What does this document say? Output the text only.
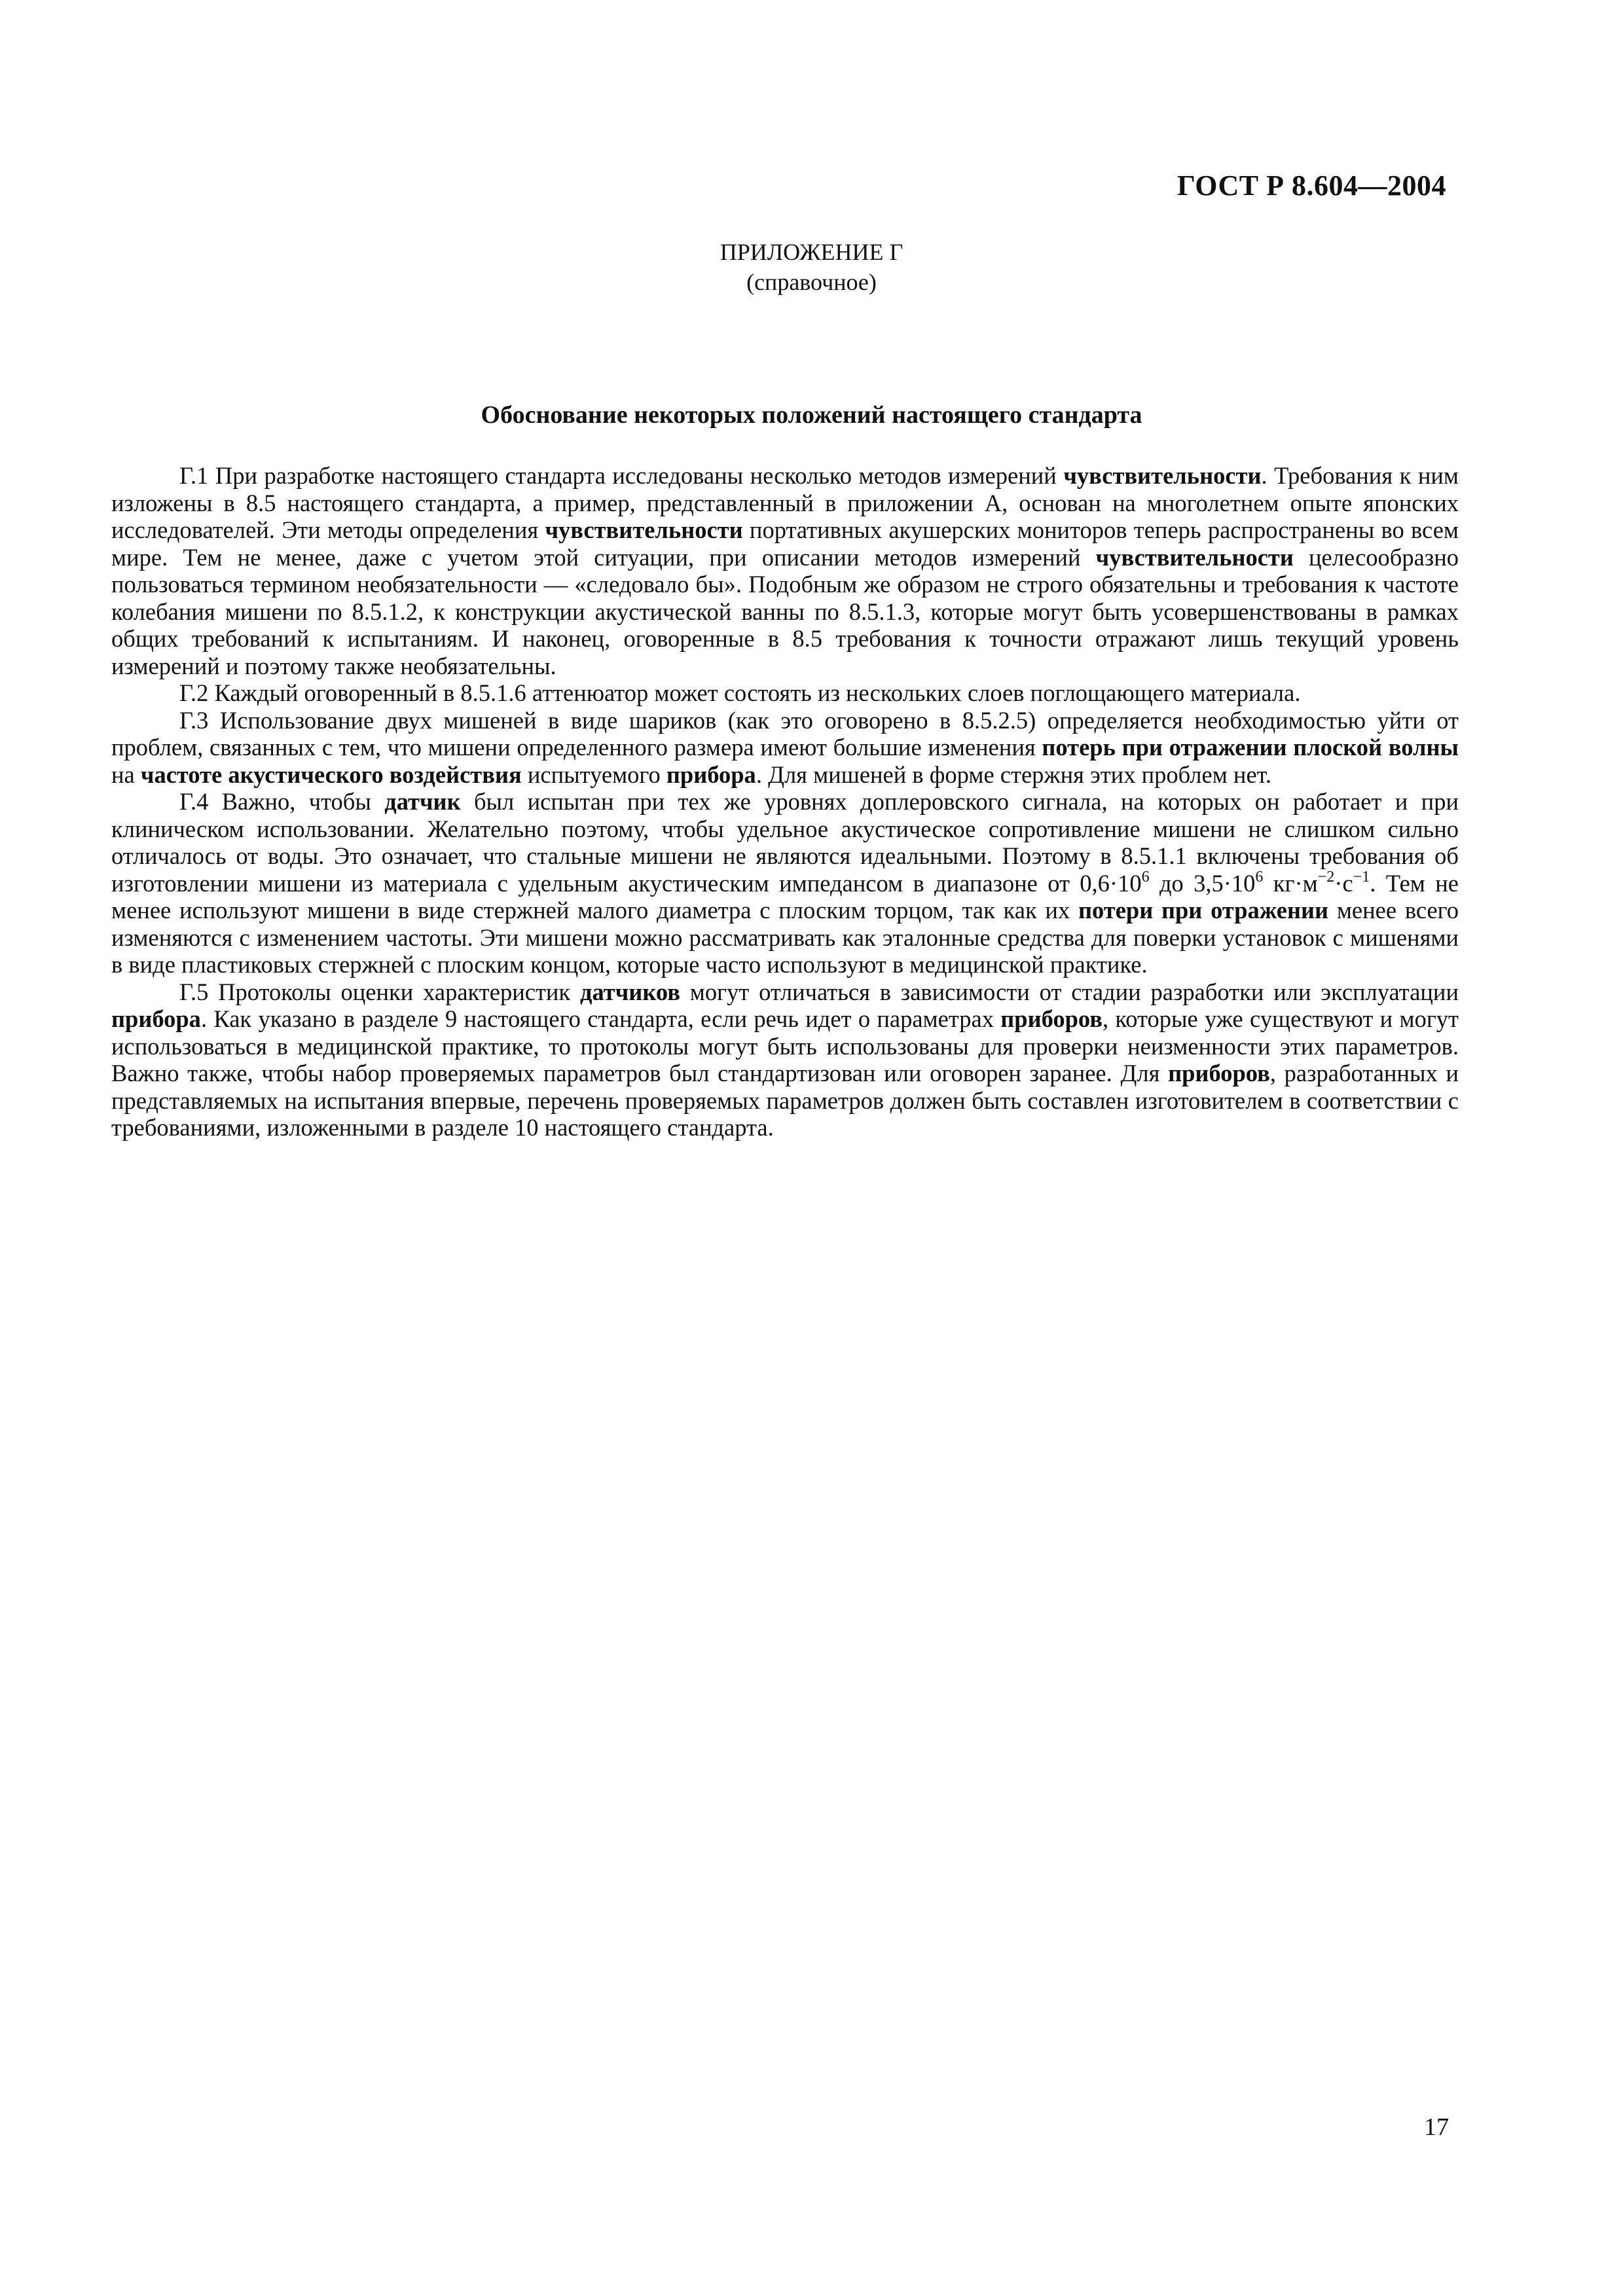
ГОСТ Р 8.604—2004
ПРИЛОЖЕНИЕ Г
(справочное)
Обоснование некоторых положений настоящего стандарта

Г.1 При разработке настоящего стандарта исследованы несколько методов измерений чувствительности. Требования к ним изложены в 8.5 настоящего стандарта, а пример, представленный в приложении А, основан на многолетнем опыте японских исследователей. Эти методы определения чувствительности портативных акушерских мониторов теперь распространены во всем мире. Тем не менее, даже с учетом этой ситуации, при описании методов измерений чувствительности целесообразно пользоваться термином необязательности — «следовало бы». Подобным же образом не строго обязательны и требования к частоте колебания мишени по 8.5.1.2, к конструкции акустической ванны по 8.5.1.3, которые могут быть усовершенствованы в рамках общих требований к испытаниям. И наконец, оговоренные в 8.5 требования к точности отражают лишь текущий уровень измерений и поэтому также необязательны.

Г.2 Каждый оговоренный в 8.5.1.6 аттенюатор может состоять из нескольких слоев поглощающего материала.

Г.3 Использование двух мишеней в виде шариков (как это оговорено в 8.5.2.5) определяется необходимостью уйти от проблем, связанных с тем, что мишени определенного размера имеют большие изменения потерь при отражении плоской волны на частоте акустического воздействия испытуемого прибора. Для мишеней в форме стержня этих проблем нет.

Г.4 Важно, чтобы датчик был испытан при тех же уровнях доплеровского сигнала, на которых он работает и при клиническом использовании. Желательно поэтому, чтобы удельное акустическое сопротивление мишени не слишком сильно отличалось от воды. Это означает, что стальные мишени не являются идеальными. Поэтому в 8.5.1.1 включены требования об изготовлении мишени из материала с удельным акустическим импедансом в диапазоне от $0,6\cdot 10^6$ до $3,5\cdot 10^6$ $кг\cdot м^{-2}\cdot с^{-1}$. Тем не менее используют мишени в виде стержней малого диаметра с плоским торцом, так как их потери при отражении менее всего изменяются с изменением частоты. Эти мишени можно рассматривать как эталонные средства для поверки установок с мишенями в виде пластиковых стержней с плоским концом, которые часто используют в медицинской практике.

Г.5 Протоколы оценки характеристик датчиков могут отличаться в зависимости от стадии разработки или эксплуатации прибора. Как указано в разделе 9 настоящего стандарта, если речь идет о параметрах приборов, которые уже существуют и могут использоваться в медицинской практике, то протоколы могут быть использованы для проверки неизменности этих параметров. Важно также, чтобы набор проверяемых параметров был стандартизован или оговорен заранее. Для приборов, разработанных и представляемых на испытания впервые, перечень проверяемых параметров должен быть составлен изготовителем в соответствии с требованиями, изложенными в разделе 10 настоящего стандарта.

17
